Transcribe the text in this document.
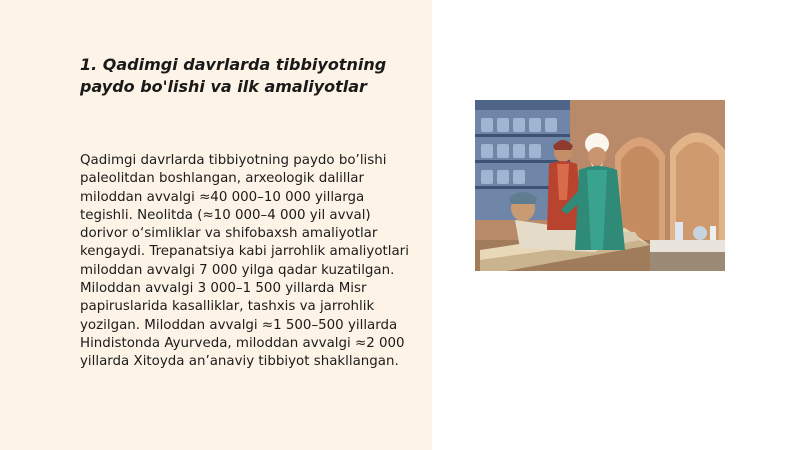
1. Qadimgi davrlarda tibbiyotning paydo bo'lishi va ilk amaliyotlar

Qadimgi davrlarda tibbiyotning paydo bo’lishi paleolitdan boshlangan, arxeologik dalillar miloddan avvalgi ≈40 000–10 000 yillarga tegishli. Neolitda (≈10 000–4 000 yil avval) dorivor o‘simliklar va shifobaxsh amaliyotlar kengaydi. Trepanatsiya kabi jarrohlik amaliyotlari miloddan avvalgi 7 000 yilga qadar kuzatilgan. Miloddan avvalgi 3 000–1 500 yillarda Misr papiruslarida kasalliklar, tashxis va jarrohlik yozilgan. Miloddan avvalgi ≈1 500–500 yillarda Hindistonda Ayurveda, miloddan avvalgi ≈2 000 yillarda Xitoyda an’anaviy tibbiyot shakllangan.
